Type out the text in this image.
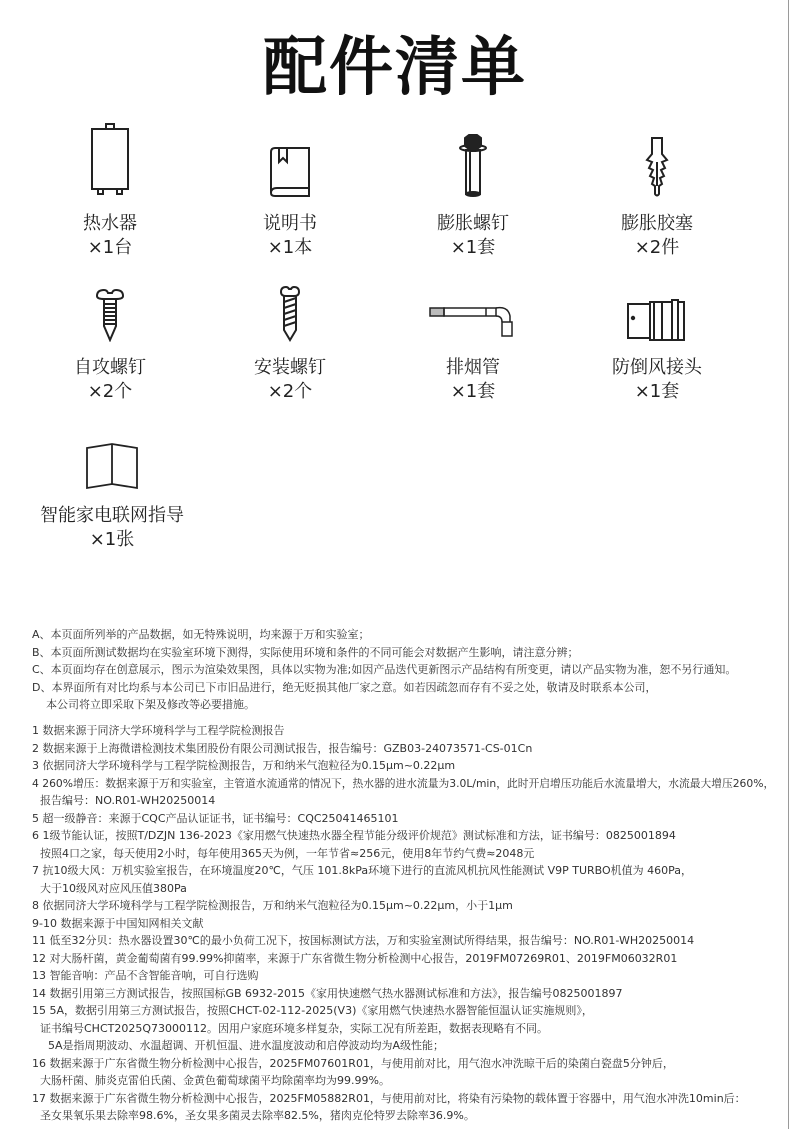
配件清单
热水器
×1台
说明书
×1本
膨胀螺钉
×1套
膨胀胶塞
×2件
自攻螺钉
×2个
安装螺钉
×2个
排烟管
×1套
防倒风接头
×1套
智能家电联网指导
×1张

A、本页面所列举的产品数据，如无特殊说明，均来源于万和实验室；

B、本页面所测试数据均在实验室环境下测得，实际使用环境和条件的不同可能会对数据产生影响，请注意分辨；

C、本页面均存在创意展示，图示为渲染效果图，具体以实物为准;如因产品迭代更新图示产品结构有所变更，请以产品实物为准，恕不另行通知。

D、本界面所有对比均系与本公司已下市旧品进行，绝无贬损其他厂家之意。如若因疏忽而存有不妥之处，敬请及时联系本公司，

本公司将立即采取下架及修改等必要措施。

1 数据来源于同济大学环境科学与工程学院检测报告

2 数据来源于上海微谱检测技术集团股份有限公司测试报告，报告编号：GZB03-24073571-CS-01Cn

3 依据同济大学环境科学与工程学院检测报告，万和纳米气泡粒径为0.15μm~0.22μm

4 260%增压：数据来源于万和实验室，主管道水流通常的情况下，热水器的进水流量为3.0L/min，此时开启增压功能后水流量增大，水流最大增压260%，

报告编号：NO.R01-WH20250014

5 超一级静音：来源于CQC产品认证证书，证书编号：CQC25041465101

6 1级节能认证，按照T/DZJN 136-2023《家用燃气快速热水器全程节能分级评价规范》测试标准和方法，证书编号：0825001894

按照4口之家，每天使用2小时，每年使用365天为例，一年节省≈256元，使用8年节约气费≈2048元

7 抗10级大风：万机实验室报告，在环境温度20℃，气压 101.8kPa环境下进行的直流风机抗风性能测试 V9P TURBO机值为 460Pa，

大于10级风对应风压值380Pa

8 依据同济大学环境科学与工程学院检测报告，万和纳米气泡粒径为0.15μm~0.22μm，小于1μm

9-10 数据来源于中国知网相关文献

11 低至32分贝：热水器设置30℃的最小负荷工况下，按国标测试方法，万和实验室测试所得结果，报告编号：NO.R01-WH20250014

12 对大肠杆菌，黄金葡萄菌有99.99%抑菌率，来源于广东省微生物分析检测中心报告，2019FM07269R01、2019FM06032R01

13 智能音响：产品不含智能音响，可自行选购

14 数据引用第三方测试报告，按照国标GB 6932-2015《家用快速燃气热水器测试标准和方法》，报告编号0825001897

15 5A，数据引用第三方测试报告，按照CHCT-02-112-2025(V3)《家用燃气快速热水器智能恒温认证实施规则》，

证书编号CHCT2025Q73000112。因用户家庭环境多样复杂，实际工况有所差距，数据表现略有不同。

5A是指周期波动、水温超调、开机恒温、进水温度波动和启停波动均为A级性能；

16 数据来源于广东省微生物分析检测中心报告，2025FM07601R01，与使用前对比，用气泡水冲洗晾干后的染菌白瓷盘5分钟后，

大肠杆菌、肺炎克雷伯氏菌、金黄色葡萄球菌平均除菌率均为99.99%。

17 数据来源于广东省微生物分析检测中心报告，2025FM05882R01，与使用前对比，将染有污染物的载体置于容器中，用气泡水冲洗10min后：

圣女果氧乐果去除率98.6%，圣女果多菌灵去除率82.5%，猪肉克伦特罗去除率36.9%。
